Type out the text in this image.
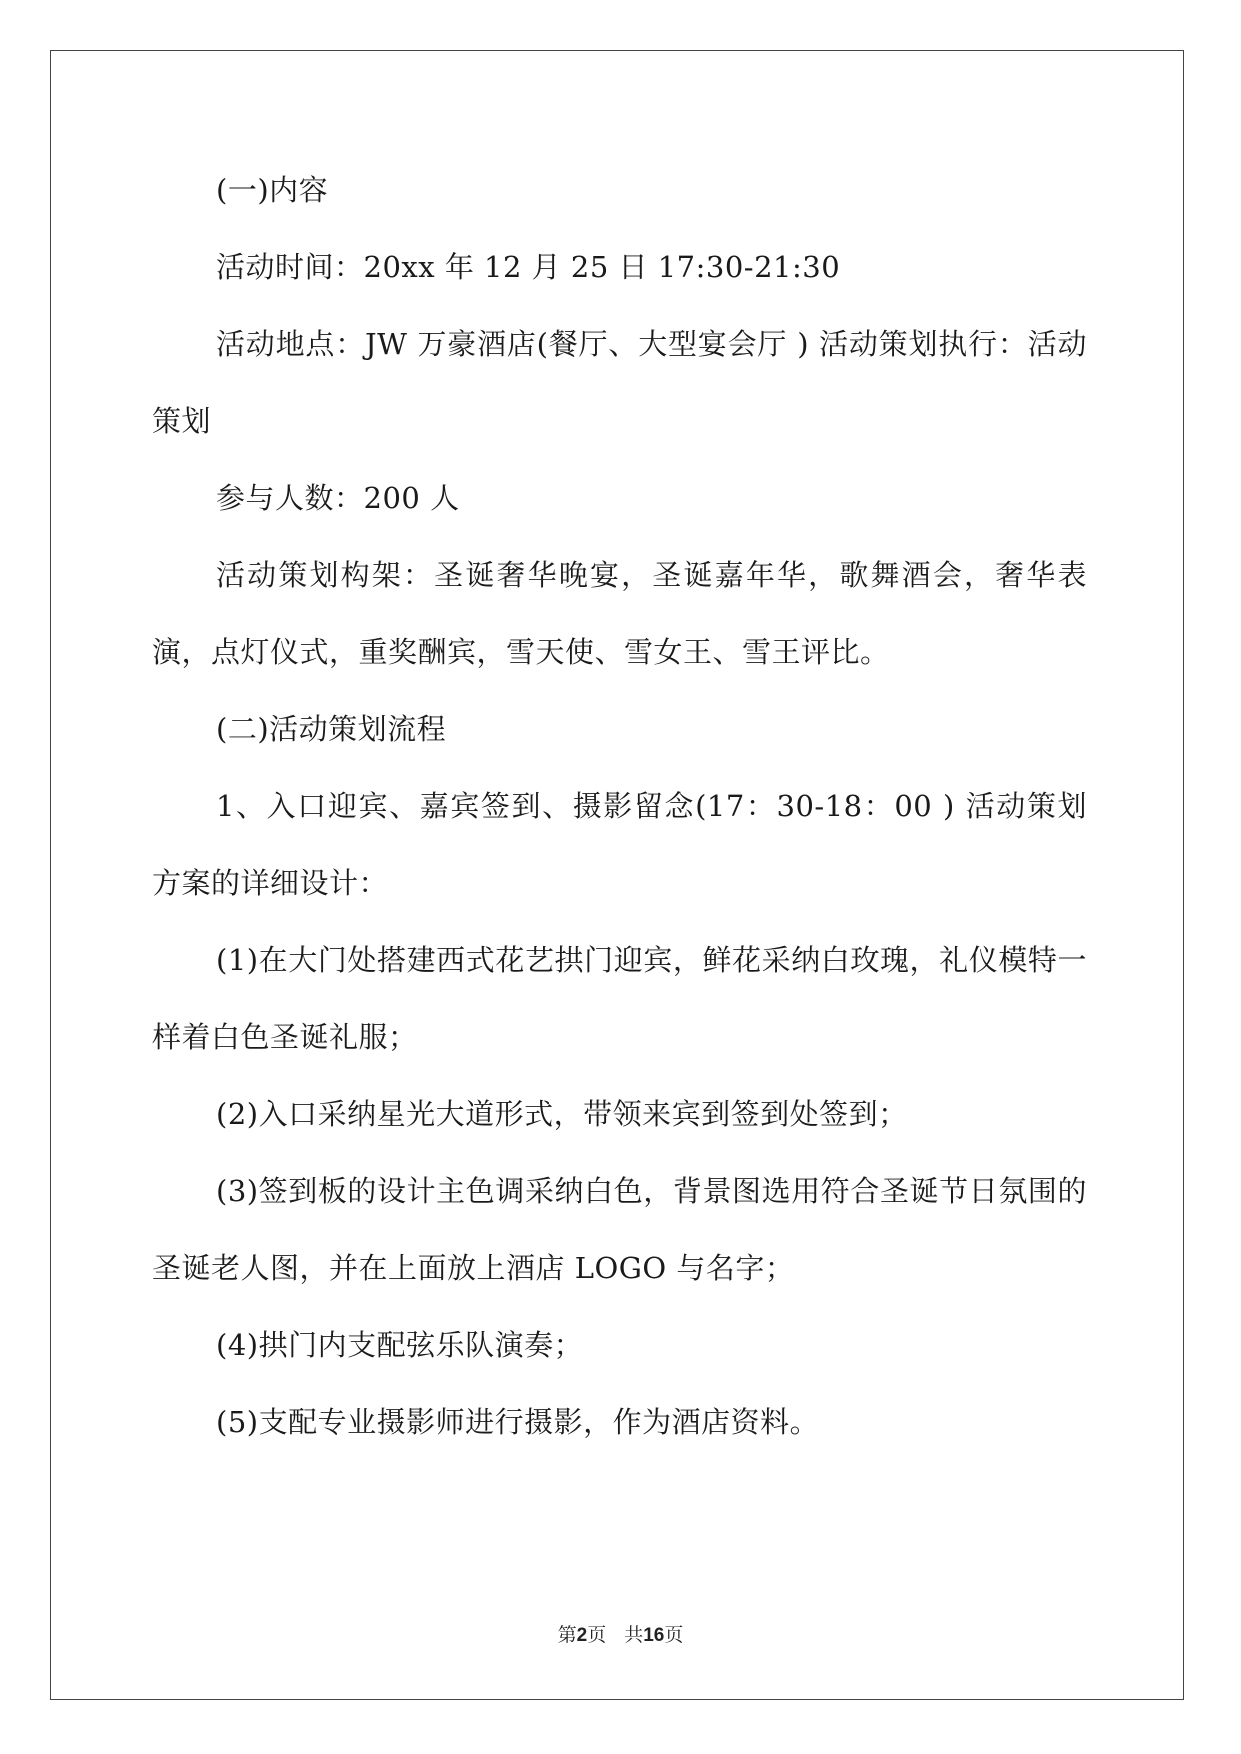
(一)内容

活动时间：20xx 年 12 月 25 日 17:30-21:30

活动地点：JW 万豪酒店(餐厅、大型宴会厅 ) 活动策划执行：活动策划

参与人数：200 人

活动策划构架：圣诞奢华晚宴，圣诞嘉年华，歌舞酒会，奢华表演，点灯仪式，重奖酬宾，雪天使、雪女王、雪王评比。

(二)活动策划流程

1、入口迎宾、嘉宾签到、摄影留念(17：30-18：00 ) 活动策划方案的详细设计：

(1)在大门处搭建西式花艺拱门迎宾，鲜花采纳白玫瑰，礼仪模特一样着白色圣诞礼服；

(2)入口采纳星光大道形式，带领来宾到签到处签到；

(3)签到板的设计主色调采纳白色，背景图选用符合圣诞节日氛围的圣诞老人图，并在上面放上酒店 LOGO 与名字；

(4)拱门内支配弦乐队演奏；

(5)支配专业摄影师进行摄影，作为酒店资料。

第2页 共16页
